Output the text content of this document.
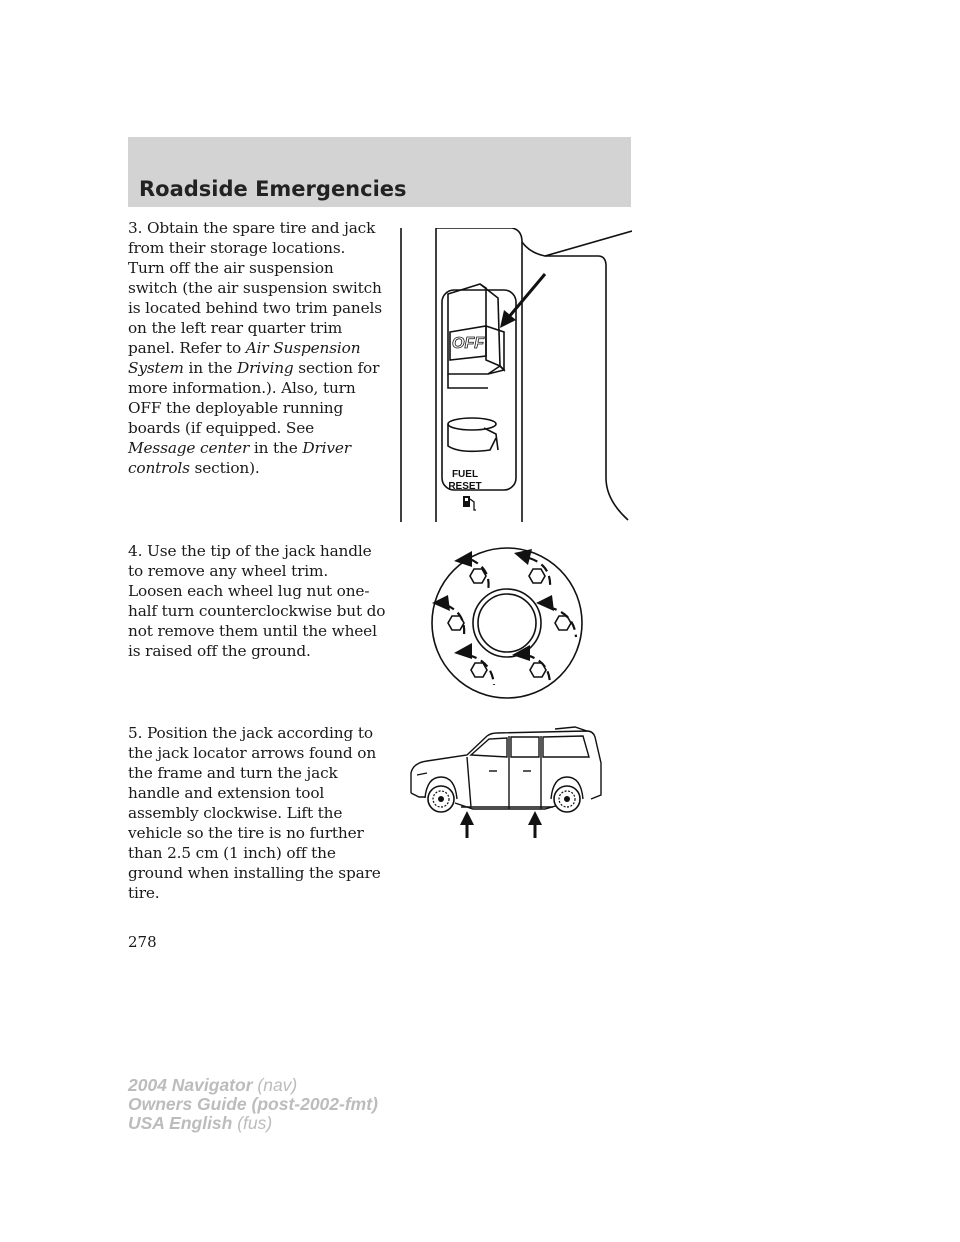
Roadside Emergencies
3. Obtain the spare tire and jack from their storage locations. Turn off the air suspension switch (the air suspension switch is located behind two trim panels on the left rear quarter trim panel. Refer to Air Suspension System in the Driving section for more information.). Also, turn OFF the deployable running boards (if equipped. See Message center in the Driver controls section).
4. Use the tip of the jack handle to remove any wheel trim. Loosen each wheel lug nut one-half turn counterclockwise but do not remove them until the wheel is raised off the ground.
5. Position the jack according to the jack locator arrows found on the frame and turn the jack handle and extension tool assembly clockwise. Lift the vehicle so the tire is no further than 2.5 cm (1 inch) off the ground when installing the spare tire.
OFF
FUEL
RESET
278
2004 Navigator (nav)
Owners Guide (post-2002-fmt)
USA English (fus)
